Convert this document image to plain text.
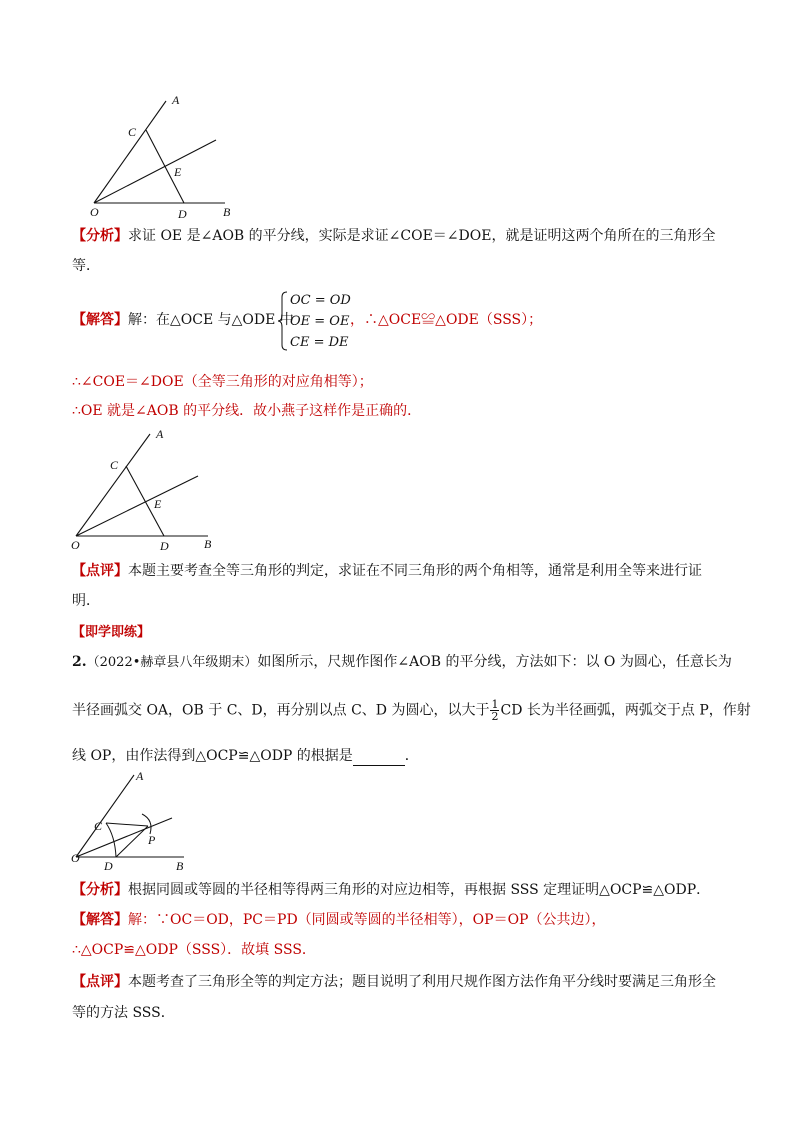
A
C
E
O	D	B
【分析】求证 OE 是∠AOB 的平分线，实际是求证∠COE＝∠DOE，就是证明这两个角所在的三角形全
等．
【解答】解：在△OCE 与△ODE 中
OC = OD
OE = OE
CE = DE
，∴△OCE≌△ODE（SSS）；
∴∠COE＝∠DOE（全等三角形的对应角相等）；
∴OE 就是∠AOB 的平分线．故小燕子这样作是正确的．
A
C
E
O	D	B
【点评】本题主要考查全等三角形的判定，求证在不同三角形的两个角相等，通常是利用全等来进行证
明．
【即学即练】
2.（2022•赫章县八年级期末）如图所示，尺规作图作∠AOB 的平分线，方法如下：以 O 为圆心，任意长为
半径画弧交 OA，OB 于 C、D，再分别以点 C、D 为圆心，以大于 $\frac{1}{2}$ CD 长为半径画弧，两弧交于点 P，作射
线 OP，由作法得到△OCP≌△ODP 的根据是	．
A
C
P
O
D	B
【分析】根据同圆或等圆的半径相等得两三角形的对应边相等，再根据 SSS 定理证明△OCP≌△ODP．
【解答】解：∵OC＝OD，PC＝PD（同圆或等圆的半径相等），OP＝OP（公共边），
∴△OCP≌△ODP（SSS）．故填 SSS．
【点评】本题考查了三角形全等的判定方法；题目说明了利用尺规作图方法作角平分线时要满足三角形全
等的方法 SSS．
